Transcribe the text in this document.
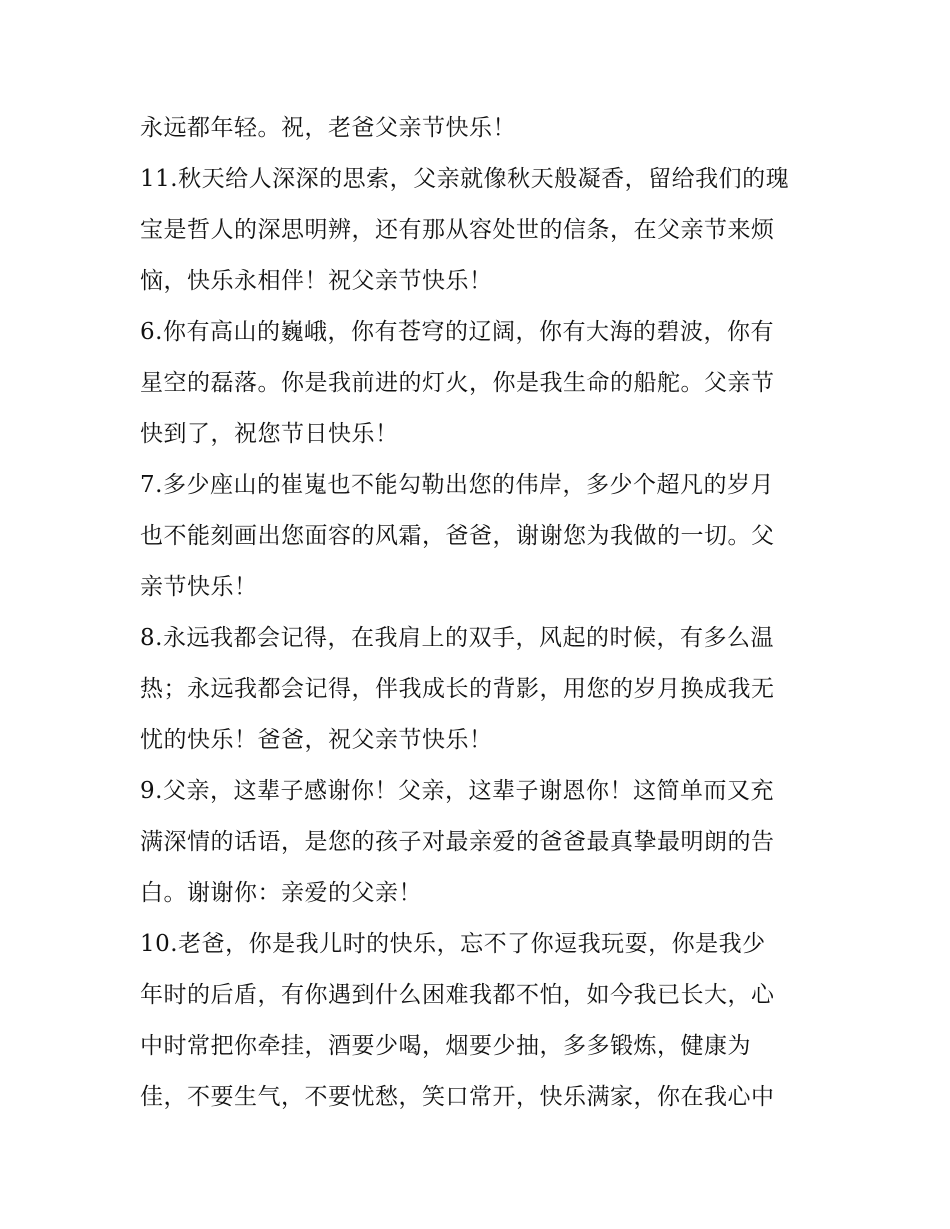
永远都年轻。祝，老爸父亲节快乐！
11.秋天给人深深的思索，父亲就像秋天般凝香，留给我们的瑰
宝是哲人的深思明辨，还有那从容处世的信条，在父亲节来烦
恼，快乐永相伴！祝父亲节快乐！
6.你有高山的巍峨，你有苍穹的辽阔，你有大海的碧波，你有
星空的磊落。你是我前进的灯火，你是我生命的船舵。父亲节
快到了，祝您节日快乐！
7.多少座山的崔嵬也不能勾勒出您的伟岸，多少个超凡的岁月
也不能刻画出您面容的风霜，爸爸，谢谢您为我做的一切。父
亲节快乐！
8.永远我都会记得，在我肩上的双手，风起的时候，有多么温
热；永远我都会记得，伴我成长的背影，用您的岁月换成我无
忧的快乐！爸爸，祝父亲节快乐！
9.父亲，这辈子感谢你！父亲，这辈子谢恩你！这简单而又充
满深情的话语，是您的孩子对最亲爱的爸爸最真挚最明朗的告
白。谢谢你：亲爱的父亲！
10.老爸，你是我儿时的快乐，忘不了你逗我玩耍，你是我少
年时的后盾，有你遇到什么困难我都不怕，如今我已长大，心
中时常把你牵挂，酒要少喝，烟要少抽，多多锻炼，健康为
佳，不要生气，不要忧愁，笑口常开，快乐满家，你在我心中
